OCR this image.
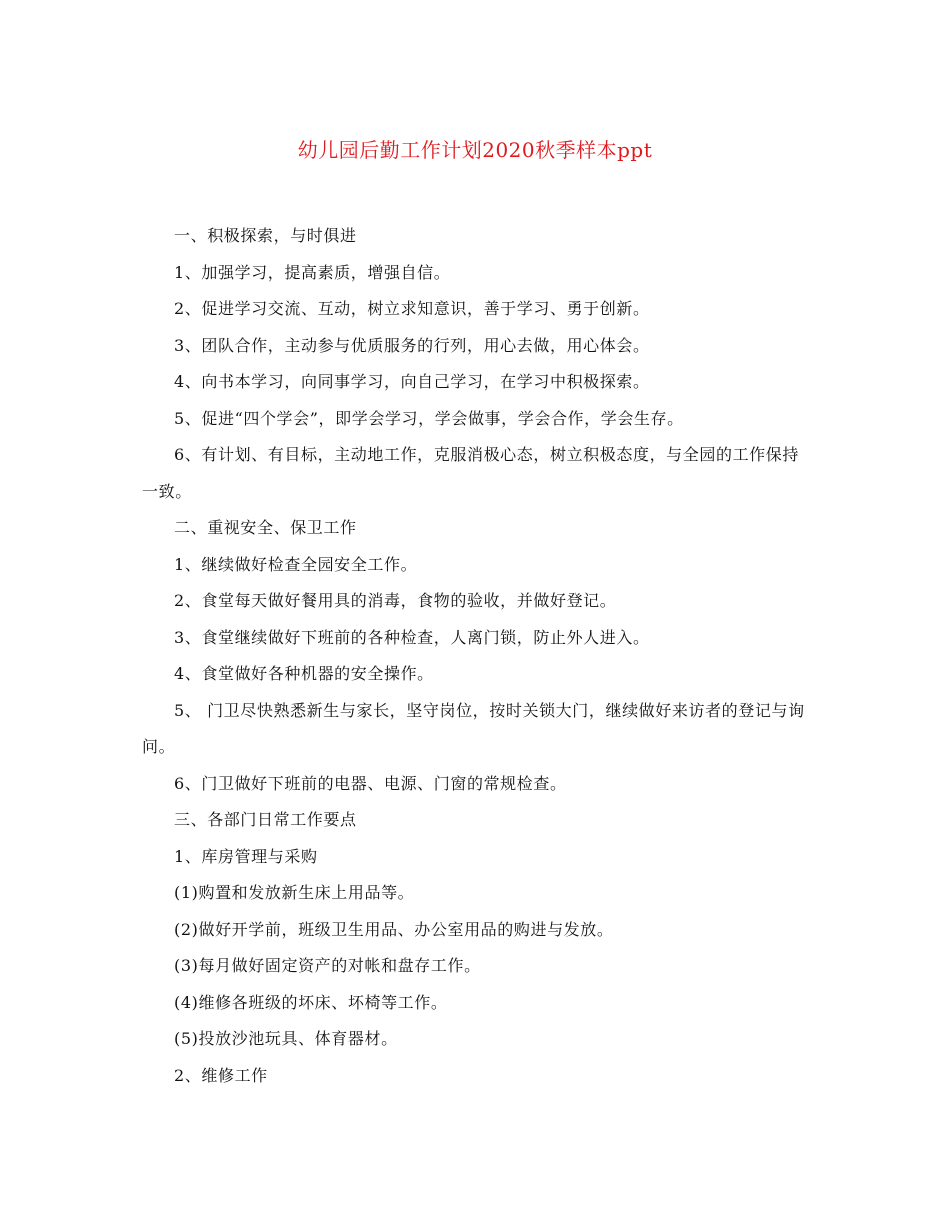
幼儿园后勤工作计划2020秋季样本ppt

一、积极探索，与时俱进

1、加强学习，提高素质，增强自信。

2、促进学习交流、互动，树立求知意识，善于学习、勇于创新。

3、团队合作，主动参与优质服务的行列，用心去做，用心体会。

4、向书本学习，向同事学习，向自己学习，在学习中积极探索。

5、促进“四个学会”，即学会学习，学会做事，学会合作，学会生存。

6、有计划、有目标，主动地工作，克服消极心态，树立积极态度，与全园的工作保持一致。

二、重视安全、保卫工作

1、继续做好检查全园安全工作。

2、食堂每天做好餐用具的消毒，食物的验收，并做好登记。

3、食堂继续做好下班前的各种检查，人离门锁，防止外人进入。

4、食堂做好各种机器的安全操作。

5、 门卫尽快熟悉新生与家长，坚守岗位，按时关锁大门，继续做好来访者的登记与询问。

6、门卫做好下班前的电器、电源、门窗的常规检查。

三、各部门日常工作要点

1、库房管理与采购

(1)购置和发放新生床上用品等。

(2)做好开学前，班级卫生用品、办公室用品的购进与发放。

(3)每月做好固定资产的对帐和盘存工作。

(4)维修各班级的坏床、坏椅等工作。

(5)投放沙池玩具、体育器材。

2、维修工作
